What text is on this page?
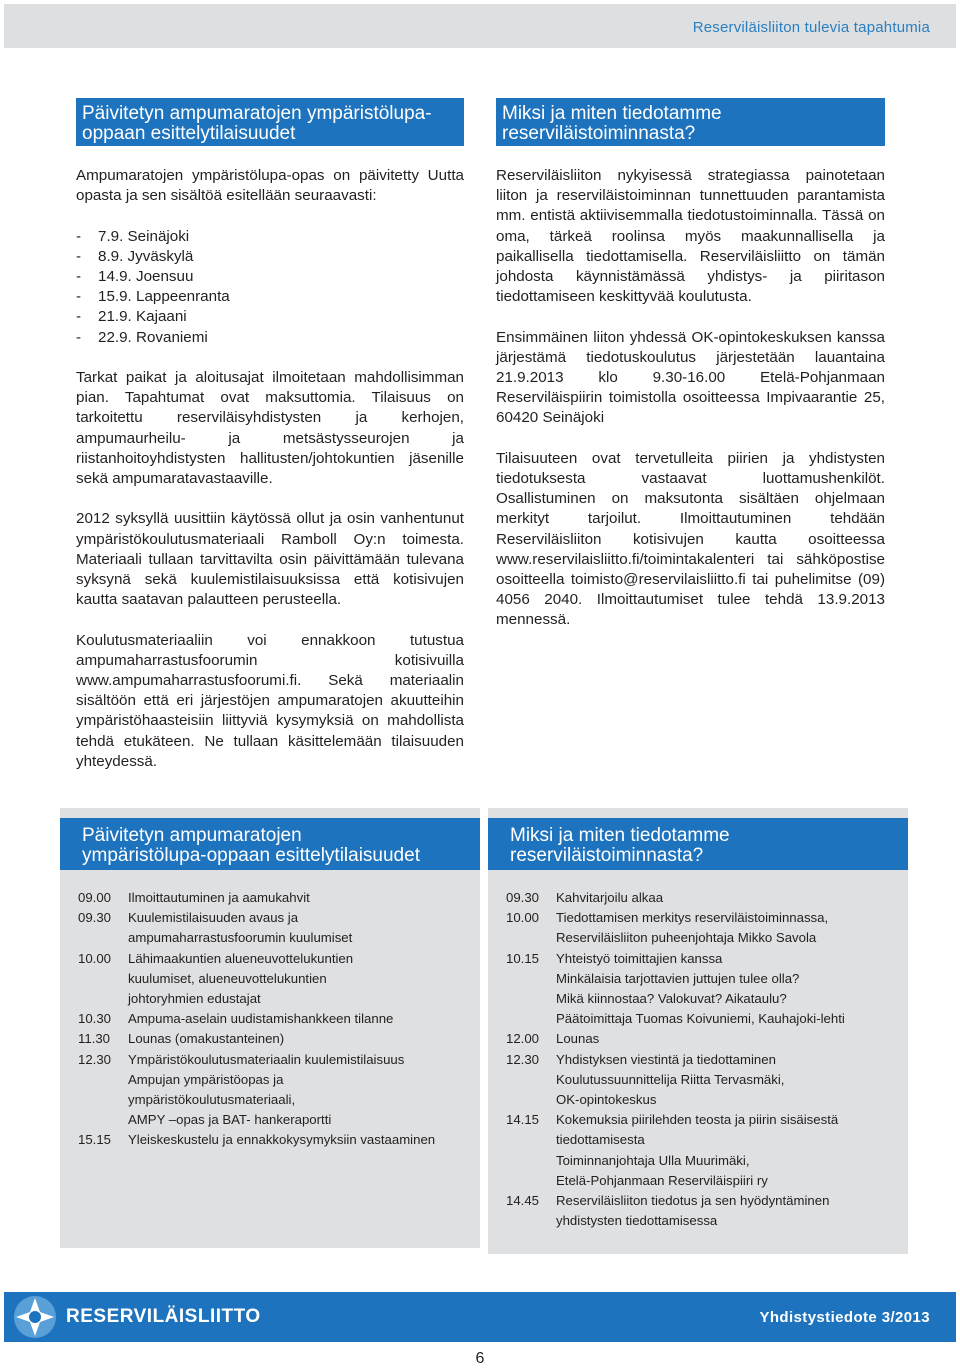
Reserviläisliiton tulevia tapahtumia
Päivitetyn ampumaratojen ympäristölupa-
oppaan esittelytilaisuudet

Ampumaratojen ympäristölupa-opas on päivitetty Uutta opasta ja sen sisältöä esitellään seuraavasti:

-	7.9. Seinäjoki
-	8.9. Jyväskylä
-	14.9. Joensuu
-	15.9. Lappeenranta
-	21.9. Kajaani
-	22.9. Rovaniemi

Tarkat paikat ja aloitusajat ilmoitetaan mahdollisimman pian. Tapahtumat ovat maksuttomia. Tilaisuus on tarkoitettu reserviläisyhdistysten ja kerhojen, ampumaurheilu- ja metsästysseurojen ja riistanhoitoyhdistysten hallitusten/johtokuntien jäsenille sekä ampumaratavastaaville.

2012 syksyllä uusittiin käytössä ollut ja osin vanhentunut ympäristökoulutusmateriaali Ramboll Oy:n toimesta. Materiaali tullaan tarvittavilta osin päivittämään tulevana syksynä sekä kuulemistilaisuuksissa että kotisivujen kautta saatavan palautteen perusteella.

Koulutusmateriaaliin voi ennakkoon tutustua ampumaharrastusfoorumin kotisivuilla www.ampumaharrastusfoorumi.fi. Sekä materiaalin sisältöön että eri järjestöjen ampumaratojen akuutteihin ympäristöhaasteisiin liittyviä kysymyksiä on mahdollista tehdä etukäteen. Ne tullaan käsittelemään tilaisuuden yhteydessä.

Miksi ja miten tiedotamme
reserviläistoiminnasta?

Reserviläisliiton nykyisessä strategiassa painotetaan liiton ja reserviläistoiminnan tunnettuuden parantamista mm. entistä aktiivisemmalla tiedotustoiminnalla. Tässä on oma, tärkeä roolinsa myös maakunnallisella ja paikallisella tiedottamisella. Reserviläisliitto on tämän johdosta käynnistämässä yhdistys- ja piiritason tiedottamiseen keskittyvää koulutusta.

Ensimmäinen liiton yhdessä OK-opintokeskuksen kanssa järjestämä tiedotuskoulutus järjestetään lauantaina 21.9.2013 klo 9.30-16.00 Etelä-Pohjanmaan Reserviläispiirin toimistolla osoitteessa Impivaarantie 25, 60420 Seinäjoki

Tilaisuuteen ovat tervetulleita piirien ja yhdistysten tiedotuksesta vastaavat luottamushenkilöt. Osallistuminen on maksutonta sisältäen ohjelmaan merkityt tarjoilut. Ilmoittautuminen tehdään Reserviläisliiton kotisivujen kautta osoitteessa www.reservilaisliitto.fi/toimintakalenteri tai sähköpostise osoitteella toimisto@reservilaisliitto.fi tai puhelimitse (09) 4056 2040. Ilmoittautumiset tulee tehdä 13.9.2013 mennessä.

Päivitetyn ampumaratojen
ympäristölupa-oppaan esittelytilaisuudet
09.00	Ilmoittautuminen ja aamukahvit
09.30	Kuulemistilaisuuden avaus ja
ampumaharrastusfoorumin kuulumiset
10.00	Lähimaakuntien alueneuvottelukuntien
kuulumiset, alueneuvottelukuntien
johtoryhmien edustajat
10.30	Ampuma-aselain uudistamishankkeen tilanne
11.30	Lounas (omakustanteinen)
12.30	Ympäristökoulutusmateriaalin kuulemistilaisuus
Ampujan ympäristöopas ja
ympäristökoulutusmateriaali,
AMPY –opas ja BAT- hankeraportti
15.15	Yleiskeskustelu ja ennakkokysymyksiin vastaaminen
Miksi ja miten tiedotamme
reserviläistoiminnasta?
09.30	Kahvitarjoilu alkaa
10.00	Tiedottamisen merkitys reserviläistoiminnassa,
Reserviläisliiton puheenjohtaja Mikko Savola
10.15	Yhteistyö toimittajien kanssa
Minkälaisia tarjottavien juttujen tulee olla?
Mikä kiinnostaa? Valokuvat? Aikataulu?
Päätoimittaja Tuomas Koivuniemi, Kauhajoki-lehti
12.00	Lounas
12.30	Yhdistyksen viestintä ja tiedottaminen
Koulutussuunnittelija Riitta Tervasmäki,
OK-opintokeskus
14.15	Kokemuksia piirilehden teosta ja piirin sisäisestä
tiedottamisesta
Toiminnanjohtaja Ulla Muurimäki,
Etelä-Pohjanmaan Reserviläispiiri ry
14.45	Reserviläisliiton tiedotus ja sen hyödyntäminen
yhdistysten tiedottamisessa
RESERVILÄISLIITTO	Yhdistystiedote 3/2013
6
